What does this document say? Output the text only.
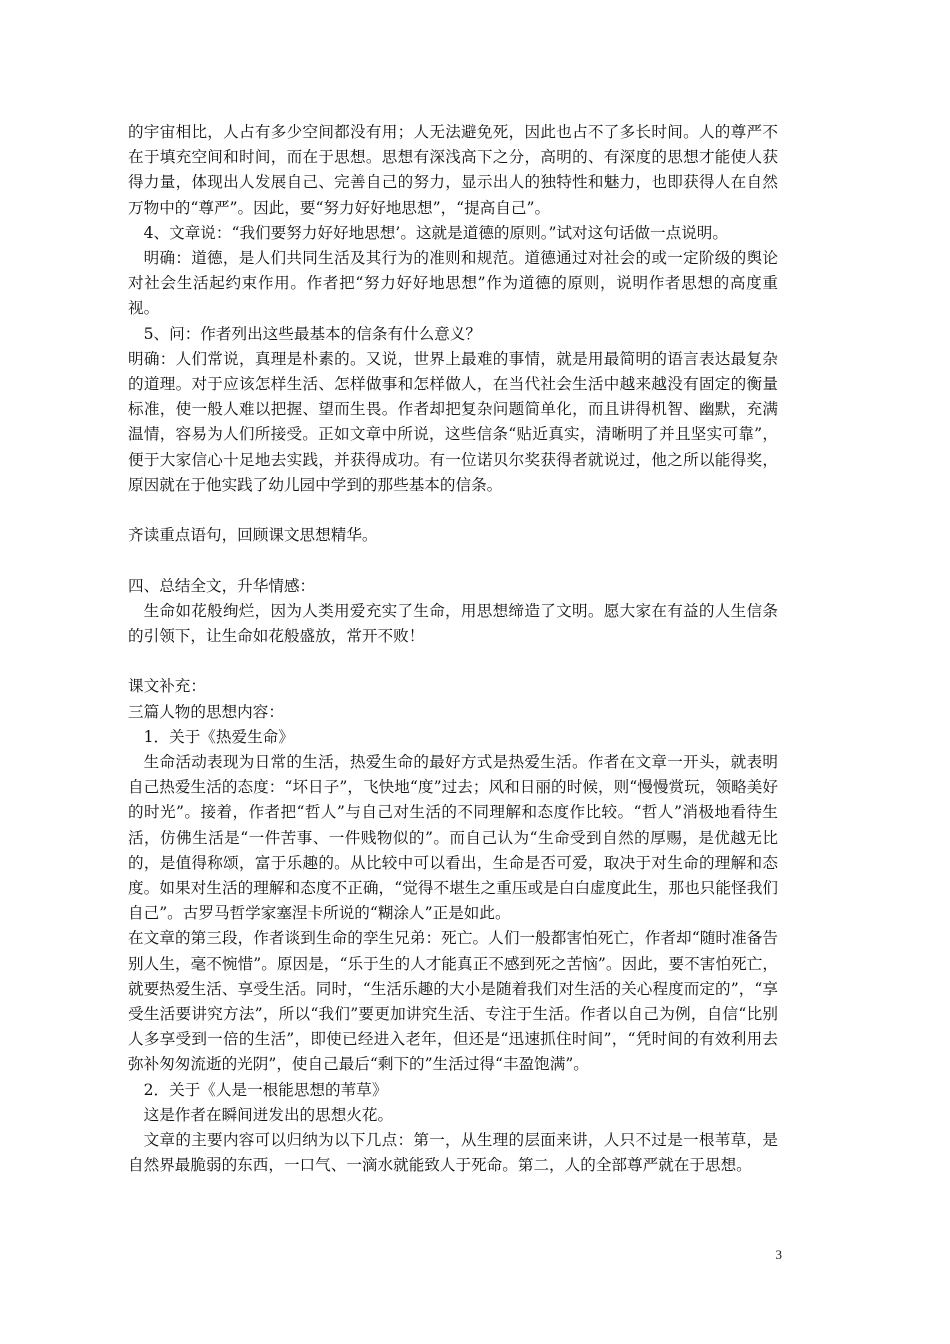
的宇宙相比，人占有多少空间都没有用；人无法避免死，因此也占不了多长时间。人的尊严不在于填充空间和时间，而在于思想。思想有深浅高下之分，高明的、有深度的思想才能使人获得力量，体现出人发展自己、完善自己的努力，显示出人的独特性和魅力，也即获得人在自然万物中的“尊严”。因此，要“努力好好地思想”，“提高自己”。

4、文章说：“我们要努力好好地思想’。这就是道德的原则。”试对这句话做一点说明。

明确：道德，是人们共同生活及其行为的准则和规范。道德通过对社会的或一定阶级的舆论对社会生活起约束作用。作者把“努力好好地思想”作为道德的原则，说明作者思想的高度重视。

5、问：作者列出这些最基本的信条有什么意义？

明确：人们常说，真理是朴素的。又说，世界上最难的事情，就是用最简明的语言表达最复杂的道理。对于应该怎样生活、怎样做事和怎样做人，在当代社会生活中越来越没有固定的衡量标准，使一般人难以把握、望而生畏。作者却把复杂问题简单化，而且讲得机智、幽默，充满温情，容易为人们所接受。正如文章中所说，这些信条“贴近真实，清晰明了并且坚实可靠”，便于大家信心十足地去实践，并获得成功。有一位诺贝尔奖获得者就说过，他之所以能得奖，原因就在于他实践了幼儿园中学到的那些基本的信条。

齐读重点语句，回顾课文思想精华。

四、总结全文，升华情感：

生命如花般绚烂，因为人类用爱充实了生命，用思想缔造了文明。愿大家在有益的人生信条的引领下，让生命如花般盛放，常开不败！

课文补充：

三篇人物的思想内容：

1．关于《热爱生命》

生命活动表现为日常的生活，热爱生命的最好方式是热爱生活。作者在文章一开头，就表明自己热爱生活的态度：“坏日子”，飞快地“度”过去；风和日丽的时候，则“慢慢赏玩，领略美好的时光”。接着，作者把“哲人”与自己对生活的不同理解和态度作比较。“哲人”消极地看待生活，仿佛生活是“一件苦事、一件贱物似的”。而自己认为“生命受到自然的厚赐，是优越无比的，是值得称颂，富于乐趣的。从比较中可以看出，生命是否可爱，取决于对生命的理解和态度。如果对生活的理解和态度不正确，“觉得不堪生之重压或是白白虚度此生，那也只能怪我们自己”。古罗马哲学家塞涅卡所说的“糊涂人”正是如此。

在文章的第三段，作者谈到生命的孪生兄弟：死亡。人们一般都害怕死亡，作者却“随时准备告别人生，毫不惋惜”。原因是，“乐于生的人才能真正不感到死之苦恼”。因此，要不害怕死亡，就要热爱生活、享受生活。同时，“生活乐趣的大小是随着我们对生活的关心程度而定的”，“享受生活要讲究方法”，所以“我们”要更加讲究生活、专注于生活。作者以自己为例，自信“比别人多享受到一倍的生活”，即使已经进入老年，但还是“迅速抓住时间”，“凭时间的有效利用去弥补匆匆流逝的光阴”，使自己最后“剩下的”生活过得“丰盈饱满”。

2．关于《人是一根能思想的苇草》

这是作者在瞬间迸发出的思想火花。

文章的主要内容可以归纳为以下几点：第一，从生理的层面来讲，人只不过是一根苇草，是自然界最脆弱的东西，一口气、一滴水就能致人于死命。第二，人的全部尊严就在于思想。

3
